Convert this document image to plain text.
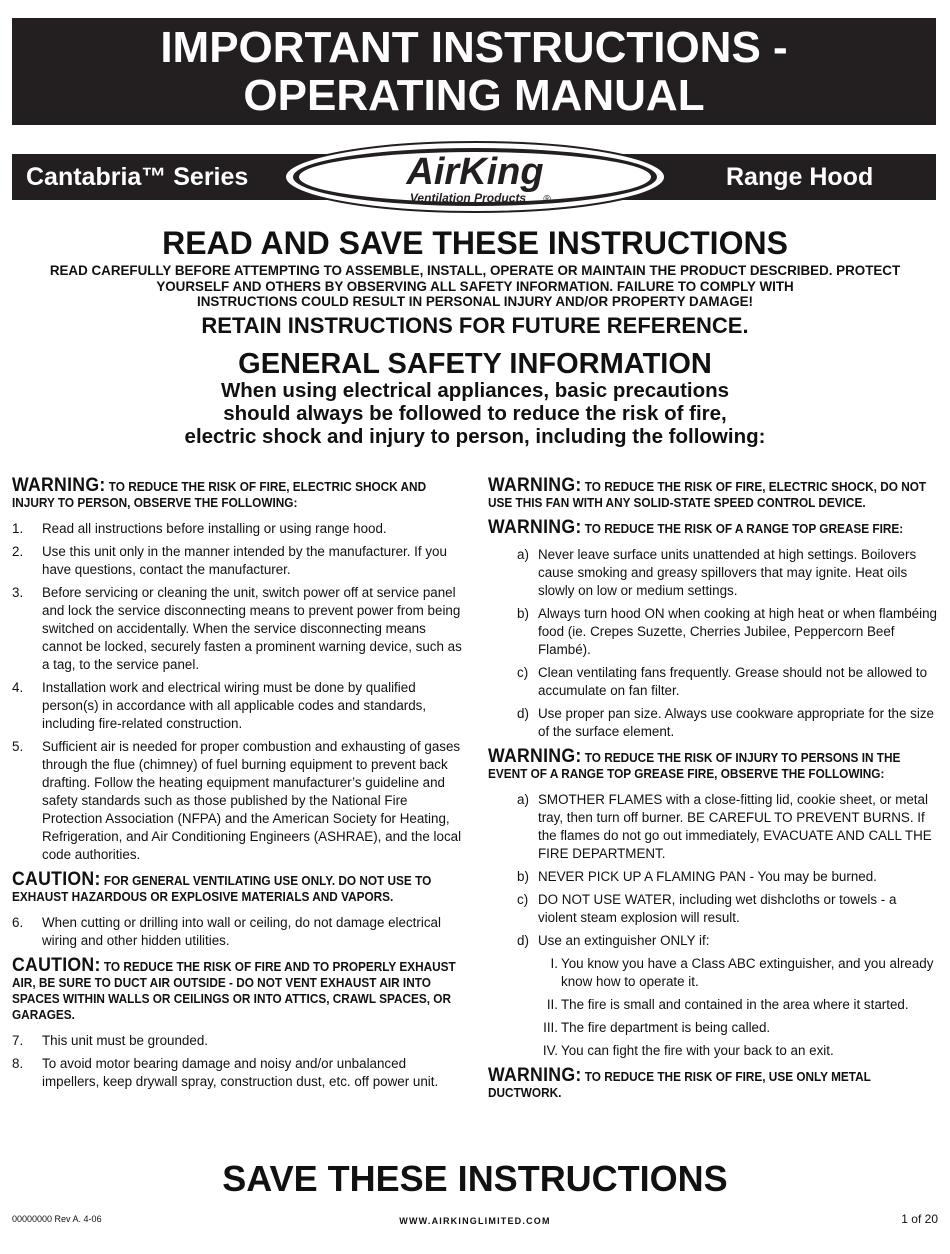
IMPORTANT INSTRUCTIONS -
OPERATING MANUAL
Cantabria™ Series	Range Hood
AirKing
Ventilation Products ®
READ AND SAVE THESE INSTRUCTIONS
READ CAREFULLY BEFORE ATTEMPTING TO ASSEMBLE, INSTALL, OPERATE OR MAINTAIN THE PRODUCT DESCRIBED. PROTECT
YOURSELF AND OTHERS BY OBSERVING ALL SAFETY INFORMATION. FAILURE TO COMPLY WITH
INSTRUCTIONS COULD RESULT IN PERSONAL INJURY AND/OR PROPERTY DAMAGE!
RETAIN INSTRUCTIONS FOR FUTURE REFERENCE.
GENERAL SAFETY INFORMATION
When using electrical appliances, basic precautions
should always be followed to reduce the risk of fire,
electric shock and injury to person, including the following:

WARNING: TO REDUCE THE RISK OF FIRE, ELECTRIC SHOCK AND INJURY TO PERSON, OBSERVE THE FOLLOWING:

1. Read all instructions before installing or using range hood.
2. Use this unit only in the manner intended by the manufacturer. If you have questions, contact the manufacturer.
3. Before servicing or cleaning the unit, switch power off at service panel and lock the service disconnecting means to prevent power from being switched on accidentally. When the service disconnecting means cannot be locked, securely fasten a prominent warning device, such as a tag, to the service panel.
4. Installation work and electrical wiring must be done by qualified person(s) in accordance with all applicable codes and standards, including fire-related construction.
5. Sufficient air is needed for proper combustion and exhausting of gases through the flue (chimney) of fuel burning equipment to prevent back drafting. Follow the heating equipment manufacturer’s guideline and safety standards such as those published by the National Fire Protection Association (NFPA) and the American Society for Heating, Refrigeration, and Air Conditioning Engineers (ASHRAE), and the local code authorities.

CAUTION: FOR GENERAL VENTILATING USE ONLY. DO NOT USE TO EXHAUST HAZARDOUS OR EXPLOSIVE MATERIALS AND VAPORS.

6. When cutting or drilling into wall or ceiling, do not damage electrical wiring and other hidden utilities.

CAUTION: TO REDUCE THE RISK OF FIRE AND TO PROPERLY EXHAUST AIR, BE SURE TO DUCT AIR OUTSIDE - DO NOT VENT EXHAUST AIR INTO SPACES WITHIN WALLS OR CEILINGS OR INTO ATTICS, CRAWL SPACES, OR GARAGES.

7. This unit must be grounded.
8. To avoid motor bearing damage and noisy and/or unbalanced impellers, keep drywall spray, construction dust, etc. off power unit.

WARNING: TO REDUCE THE RISK OF FIRE, ELECTRIC SHOCK, DO NOT USE THIS FAN WITH ANY SOLID-STATE SPEED CONTROL DEVICE.

WARNING: TO REDUCE THE RISK OF A RANGE TOP GREASE FIRE:

a) Never leave surface units unattended at high settings. Boilovers cause smoking and greasy spillovers that may ignite. Heat oils slowly on low or medium settings.
b) Always turn hood ON when cooking at high heat or when flambéing food (ie. Crepes Suzette, Cherries Jubilee, Peppercorn Beef Flambé).
c) Clean ventilating fans frequently. Grease should not be allowed to accumulate on fan filter.
d) Use proper pan size. Always use cookware appropriate for the size of the surface element.

WARNING: TO REDUCE THE RISK OF INJURY TO PERSONS IN THE EVENT OF A RANGE TOP GREASE FIRE, OBSERVE THE FOLLOWING:

a) SMOTHER FLAMES with a close-fitting lid, cookie sheet, or metal tray, then turn off burner. BE CAREFUL TO PREVENT BURNS. If the flames do not go out immediately, EVACUATE AND CALL THE FIRE DEPARTMENT.
b) NEVER PICK UP A FLAMING PAN - You may be burned.
c) DO NOT USE WATER, including wet dishcloths or towels - a violent steam explosion will result.
d) Use an extinguisher ONLY if:
I. You know you have a Class ABC extinguisher, and you already know how to operate it.
II. The fire is small and contained in the area where it started.
III. The fire department is being called.
IV. You can fight the fire with your back to an exit.

WARNING: TO REDUCE THE RISK OF FIRE, USE ONLY METAL DUCTWORK.

SAVE THESE INSTRUCTIONS
00000000 Rev A. 4-06	WWW.AIRKINGLIMITED.COM	1 of 20
